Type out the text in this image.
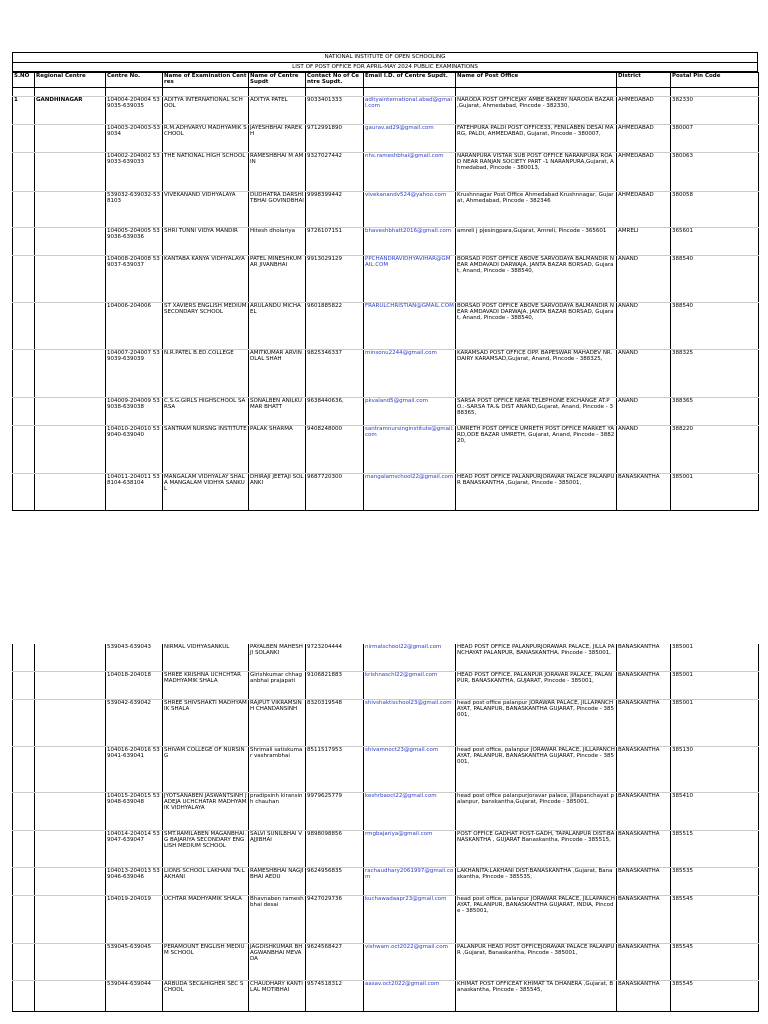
NATIONAL INSTITUTE OF OPEN SCHOOLING
LIST OF POST OFFICE FOR APRIL-MAY 2024 PUBLIC EXAMINATIONS
S.NO	Regional Centre	Centre No.	Name of Examination Centres	Name of Centre Supdt	Contact No of Centre Supdt.	Email I.D. of Centre Supdt.	Name of Post Office	District	Postal Pin Code

1	GANDHINAGAR	104004-204004 539035-639035	ADITYA INTERNATIONAL SCHOOL	ADITYA PATEL	9033401333	adityainternational.abad@gmail.com	NARODA POST OFFICEJAY AMBE BAKERY NARODA BAZAR ,Gujarat, Ahmedabad, Pincode - 382330,	AHMEDABAD	382330
		104003-204003-539034	R.M.ADHVARYU MADHYAMIK SCHOOL	JAYESHBHAI PAREKH	9712991890	gaurav.ad29@gmail.com	FATEHPURA PALDI POST OFFICE33, FENILABEN DESAI MARG, PALDI, AHMEDABAD, Gujarat, Pincode - 380007,	AHMEDABAD	380007
		104002-204002 539033-639033	THE NATIONAL HIGH SCHOOL	RAMESHBHAI M AMIN	9327027442	nhs.rameshbhai@gmail.com	NARANPURA VISTAR SUB POST OFFICE NARANPURA ROAD NEAR RANJAN SOCIETY PART -1 NARANPURA,Gujarat, Ahmedabad, Pincode - 380013,	AHMEDABAD	380063
		539032-639032-538103	VIVEKANAND VIDHYALAYA	DUDHATRA DARSHITBHAI GOVINDBHAI	9998399442	vivekanandv524@yahoo.com	Krushnnagar Post Office Ahmedabad Krushnnagar, Gujarat, Ahmedabad, Pincode - 382346	AHMEDABAD	380058
		104005-204005 539036-639036	SHRI TUNNI VIDYA MANDIR	Hitesh dholariya	9726107151	bhaveshbhatt2016@gmail.com	amreli j pjesingpara,Gujarat, Amreli, Pincode - 365601	AMRELI	365601
		104008-204008 539037-639037	KANTABA KANYA VIDHYALAYA	PATEL MINESHKUMAR JIVANBHAI	9913029129	PPCHANDRAVIDHYAVIHAR@GMAIL.COM	BORSAD POST OFFICE ABOVE SARVODAYA BALMANDIR NEAR AMDAVADI DARWAJA, JANTA BAZAR BORSAD, Gujarat, Anand, Pincode - 388540,	ANAND	388540
		104006-204006	ST XAVIERS ENGLISH MEDIUM SECONDARY SCHOOL	ARULANDU MICHAEL	9601885822	FRARULCHRISTIAN@GMAIL.COM	BORSAD POST OFFICE ABOVE SARVODAYA BALMANDIR NEAR AMDAVADI DARWAJA, JANTA BAZAR BORSAD, Gujarat, Anand, Pincode - 388540,	ANAND	388540
		104007-204007 539039-639039	N.R.PATEL B.ED.COLLEGE	AMITKUMAR ARVINDLAL SHAH	9825346337	minsonu2244@gmail.com	KARAMSAD POST OFFICE OPP. BAPESWAR MAHADEV NR. DAIRY KARAMSAD,Gujarat, Anand, Pincode - 388325,	ANAND	388325
		104009-204009 539038-639038	C.S.G.GIRLS HIGHSCHOOL SARSA	SONALBEN ANILKUMAR BHATT	9638440636,	pkvaland5@gmail.com	SARSA POST OFFICE NEAR TELEPHONE EXCHANGE AT.PO.:-SARSA TA.& DIST ANAND,Gujarat, Anand, Pincode - 388365,	ANAND	388365
		104010-204010 539040-639040	SANTRAM NURSNG INSTITUTE	PALAK SHARMA	9408248000	santramnursinginstitute@gmail.com	UMRETH POST OFFICE UMRETH POST OFFICE MARKET YARD,ODE BAZAR UMRETH, Gujarat, Anand, Pincode - 388220,	ANAND	388220
		104011-204011 538104-638104	MANGALAM VIDHYALAY SHALA MANGALAM VIDHYA SANKUL	DHIRAJI JEETAJI SOLANKI	9687720300	mangalamschool22@gmail.com	HEAD POST OFFICE PALANPURJORAVAR PALACE PALANPUR BANASKANTHA ,Gujarat, Pincode - 385001,	BANASKANTHA	385001
		539043-639043	NIRMAL VIDHYASANKUL	PAYALBEN MAHESHJI SOLANKI	9723204444	nirmalschool22@gmail.com	HEAD POST OFFICE PALANPURJORAWAR PALACE, JILLA PANCHAYAT PALANPUR, BANASKANTHA, Pincode - 385001,	BANASKANTHA	385001
		104018-204018	SHREE KRISHNA UCHCHTAR MADHYAMIK SHALA	Girishkumar chhaganbhai prajapati	9106821883	krishnaschl22@gmail.com	HEAD POST OFFICE, PALANPUR JORAVAR PALACE, PALANPUR, BANASKANTHA, GUJARAT, Pincode - 385001,	BANASKANTHA	385001
		539042-639042	SHREE SHIVSHAKTI MADHYAMIK SHALA	RAJPUT VIKRAMSINH CHANDANSINH	8320319548	shivshaktischool23@gmail.com	head post office palanpur JORAWAR PALACE, JILLAPANCHAYAT, PALANPUR, BANASKANTHA GUJARAT, Pincode - 385001,	BANASKANTHA	385001
		104016-204016 539041-639041	SHIVAM COLLEGE OF NURSING	Shrimali satiskumar vashrambhai	8511517953	shivamnoct23@gmail.com	head post office, palanpur JORAWAR PALACE, JILLAPANCHAYAT, PALANPUR, BANASKANTHA GUJARAT, Pincode - 385001,	BANASKANTHA	385130
		104015-204015 539048-639048	JYOTSANABEN JASWANTSINH JADEJA UCHCHATAR MADHYAMIK VIDHYALAYA	pradipsinh kiransinh chauhan	9979625779	keshrbaoct22@gmail.com	head post office palanpurjoravar palace, jillapanchayat palanpur, banskantha,Gujarat, Pincode - 385001,	BANASKANTHA	385410
		104014-204014 539047-639047	SMT.RAMILABEN MAGANBHAI.G BAJARIYA SECONDARY ENGLISH MEDIUM SCHOOL	SALVI SUNILBHAI VAJJIBHAI	9898098856	rmgbajariya@gmail.com	POST OFFICE GADHAT POST-GADH, TAPALANPUR DIST-BANASKANTHA , GUJARAT Banaskantha, Pincode - 385515,	BANASKANTHA	385515
		104013-204013 539046-639046	LIONS SCHOOL LAKHANI TA:LAKHANI	RAMESHBHAI NAGJIBHAI AEDU	9624956835	rachaudhary2061997@gmail.com	LAKHANITA:LAKHANI DIST:BANASKANTHA ,Gujarat, Banaskantha, Pincode - 385535,	BANASKANTHA	385535
		104019-204019	UCHTAR MADHYAMIK SHALA	Bhavnaben rameshbhai desai	9427029736	kuchawadaapr23@gmail.com	head post office, palanpur JORAWAR PALACE, JILLAPANCHAYAT, PALANPUR, BANASKANTHA GUJARAT, INDIA, Pincode - 385001,	BANASKANTHA	385545
		539045-639045	PERAMOUNT ENGLISH MEDIUM SCHOOL	JAGDISHKUMAR BHAGWANBHAI MEVADA	9624568427	vishwam.oct2022@gmail.com	PALANPUR HEAD POST OFFICEJORAVAR PALACE PALANPUR ,Gujarat, Banaskantha, Pincode - 385001,	BANASKANTHA	385545
		539044-639044	ARBUDA SEC&HIGHER SEC SCHOOL	CHAUDHARY KANTILAL MOTIBHAI	9574518312	aasav.oct2022@gmail.com	KHIMAT POST OFFICEAT KHIMAT TA DHANERA ,Gujarat, Banaskantha, Pincode - 385545,	BANASKANTHA	385545
